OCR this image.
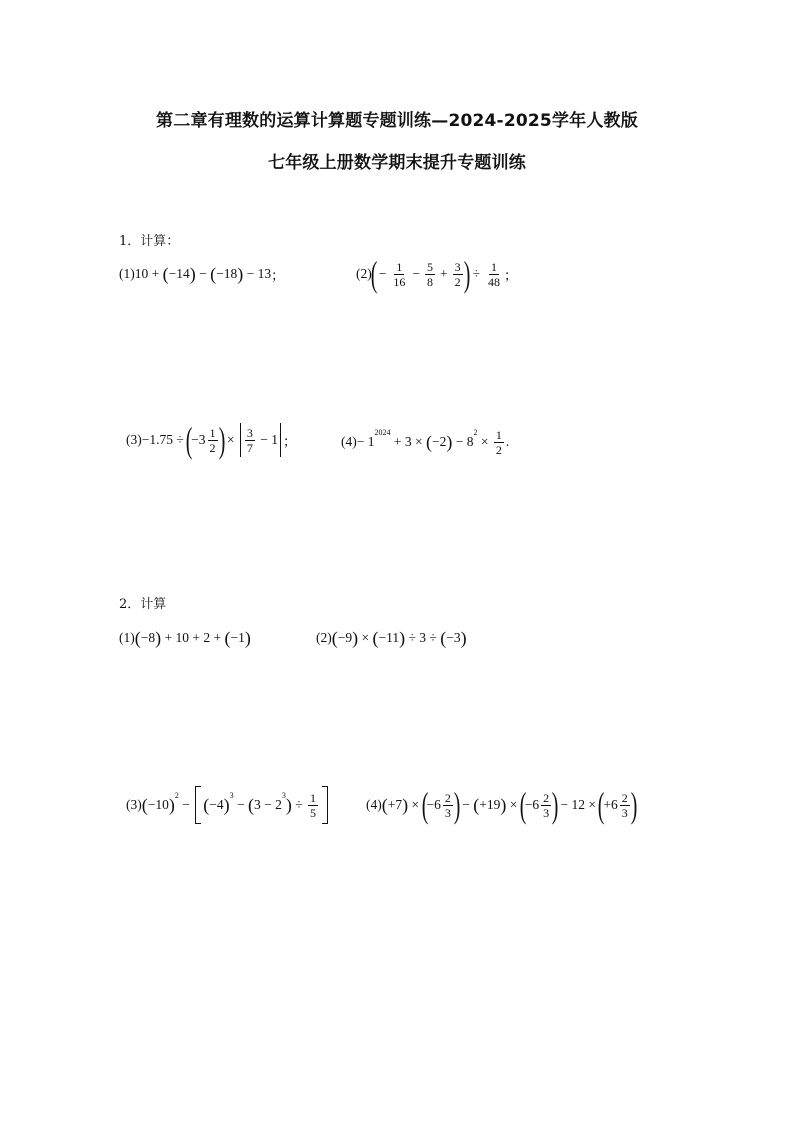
第二章有理数的运算计算题专题训练—2024-2025学年人教版
七年级上册数学期末提升专题训练
1．计算：
(1) 10 + ( −14 ) − ( −18 ) − 13 ；	(2)
( − $\frac{1}{16} - \frac{5}{8} + \frac{3}{2}$ ) ÷ $\frac{1}{48}$ ；
(3) −1.75 ÷
(
$-3 \frac{1}{2}$ )
× $\frac{3}{7} - 1$ ；	(4) − 1
2024
+ 3 × ( −2 ) − 8
2
× $\frac{1}{2}$ .
2．计算
(1) ( −8 ) + 10 + 2 + ( −1 )	(2) ( −9 ) × ( −11 ) ÷ 3 ÷ ( −3 )
(3) ( −10 ) 2
− ( −4 ) 3
− ( 3 − 2
3 ) ÷ $\frac{1}{5}$	(4) ( +7 ) ×
(
$-6 \frac{2}{3}$ )
− ( +19 ) ×
(
$-6 \frac{2}{3}$ )
− 12 ×
(
$+6 \frac{2}{3}$ )
